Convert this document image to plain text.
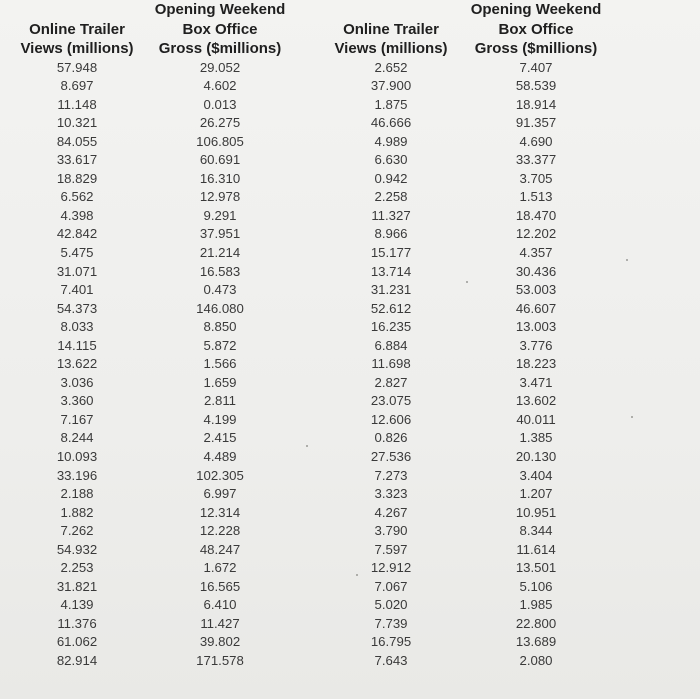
Online Trailer
Views (millions)
57.948
8.697
11.148
10.321
84.055
33.617
18.829
6.562
4.398
42.842
5.475
31.071
7.401
54.373
8.033
14.115
13.622
3.036
3.360
7.167
8.244
10.093
33.196
2.188
1.882
7.262
54.932
2.253
31.821
4.139
11.376
61.062
82.914
Opening Weekend
Box Office
Gross ($millions)
29.052
4.602
0.013
26.275
106.805
60.691
16.310
12.978
9.291
37.951
21.214
16.583
0.473
146.080
8.850
5.872
1.566
1.659
2.811
4.199
2.415
4.489
102.305
6.997
12.314
12.228
48.247
1.672
16.565
6.410
11.427
39.802
171.578
Online Trailer
Views (millions)
2.652
37.900
1.875
46.666
4.989
6.630
0.942
2.258
11.327
8.966
15.177
13.714
31.231
52.612
16.235
6.884
11.698
2.827
23.075
12.606
0.826
27.536
7.273
3.323
4.267
3.790
7.597
12.912
7.067
5.020
7.739
16.795
7.643
Opening Weekend
Box Office
Gross ($millions)
7.407
58.539
18.914
91.357
4.690
33.377
3.705
1.513
18.470
12.202
4.357
30.436
53.003
46.607
13.003
3.776
18.223
3.471
13.602
40.011
1.385
20.130
3.404
1.207
10.951
8.344
11.614
13.501
5.106
1.985
22.800
13.689
2.080
